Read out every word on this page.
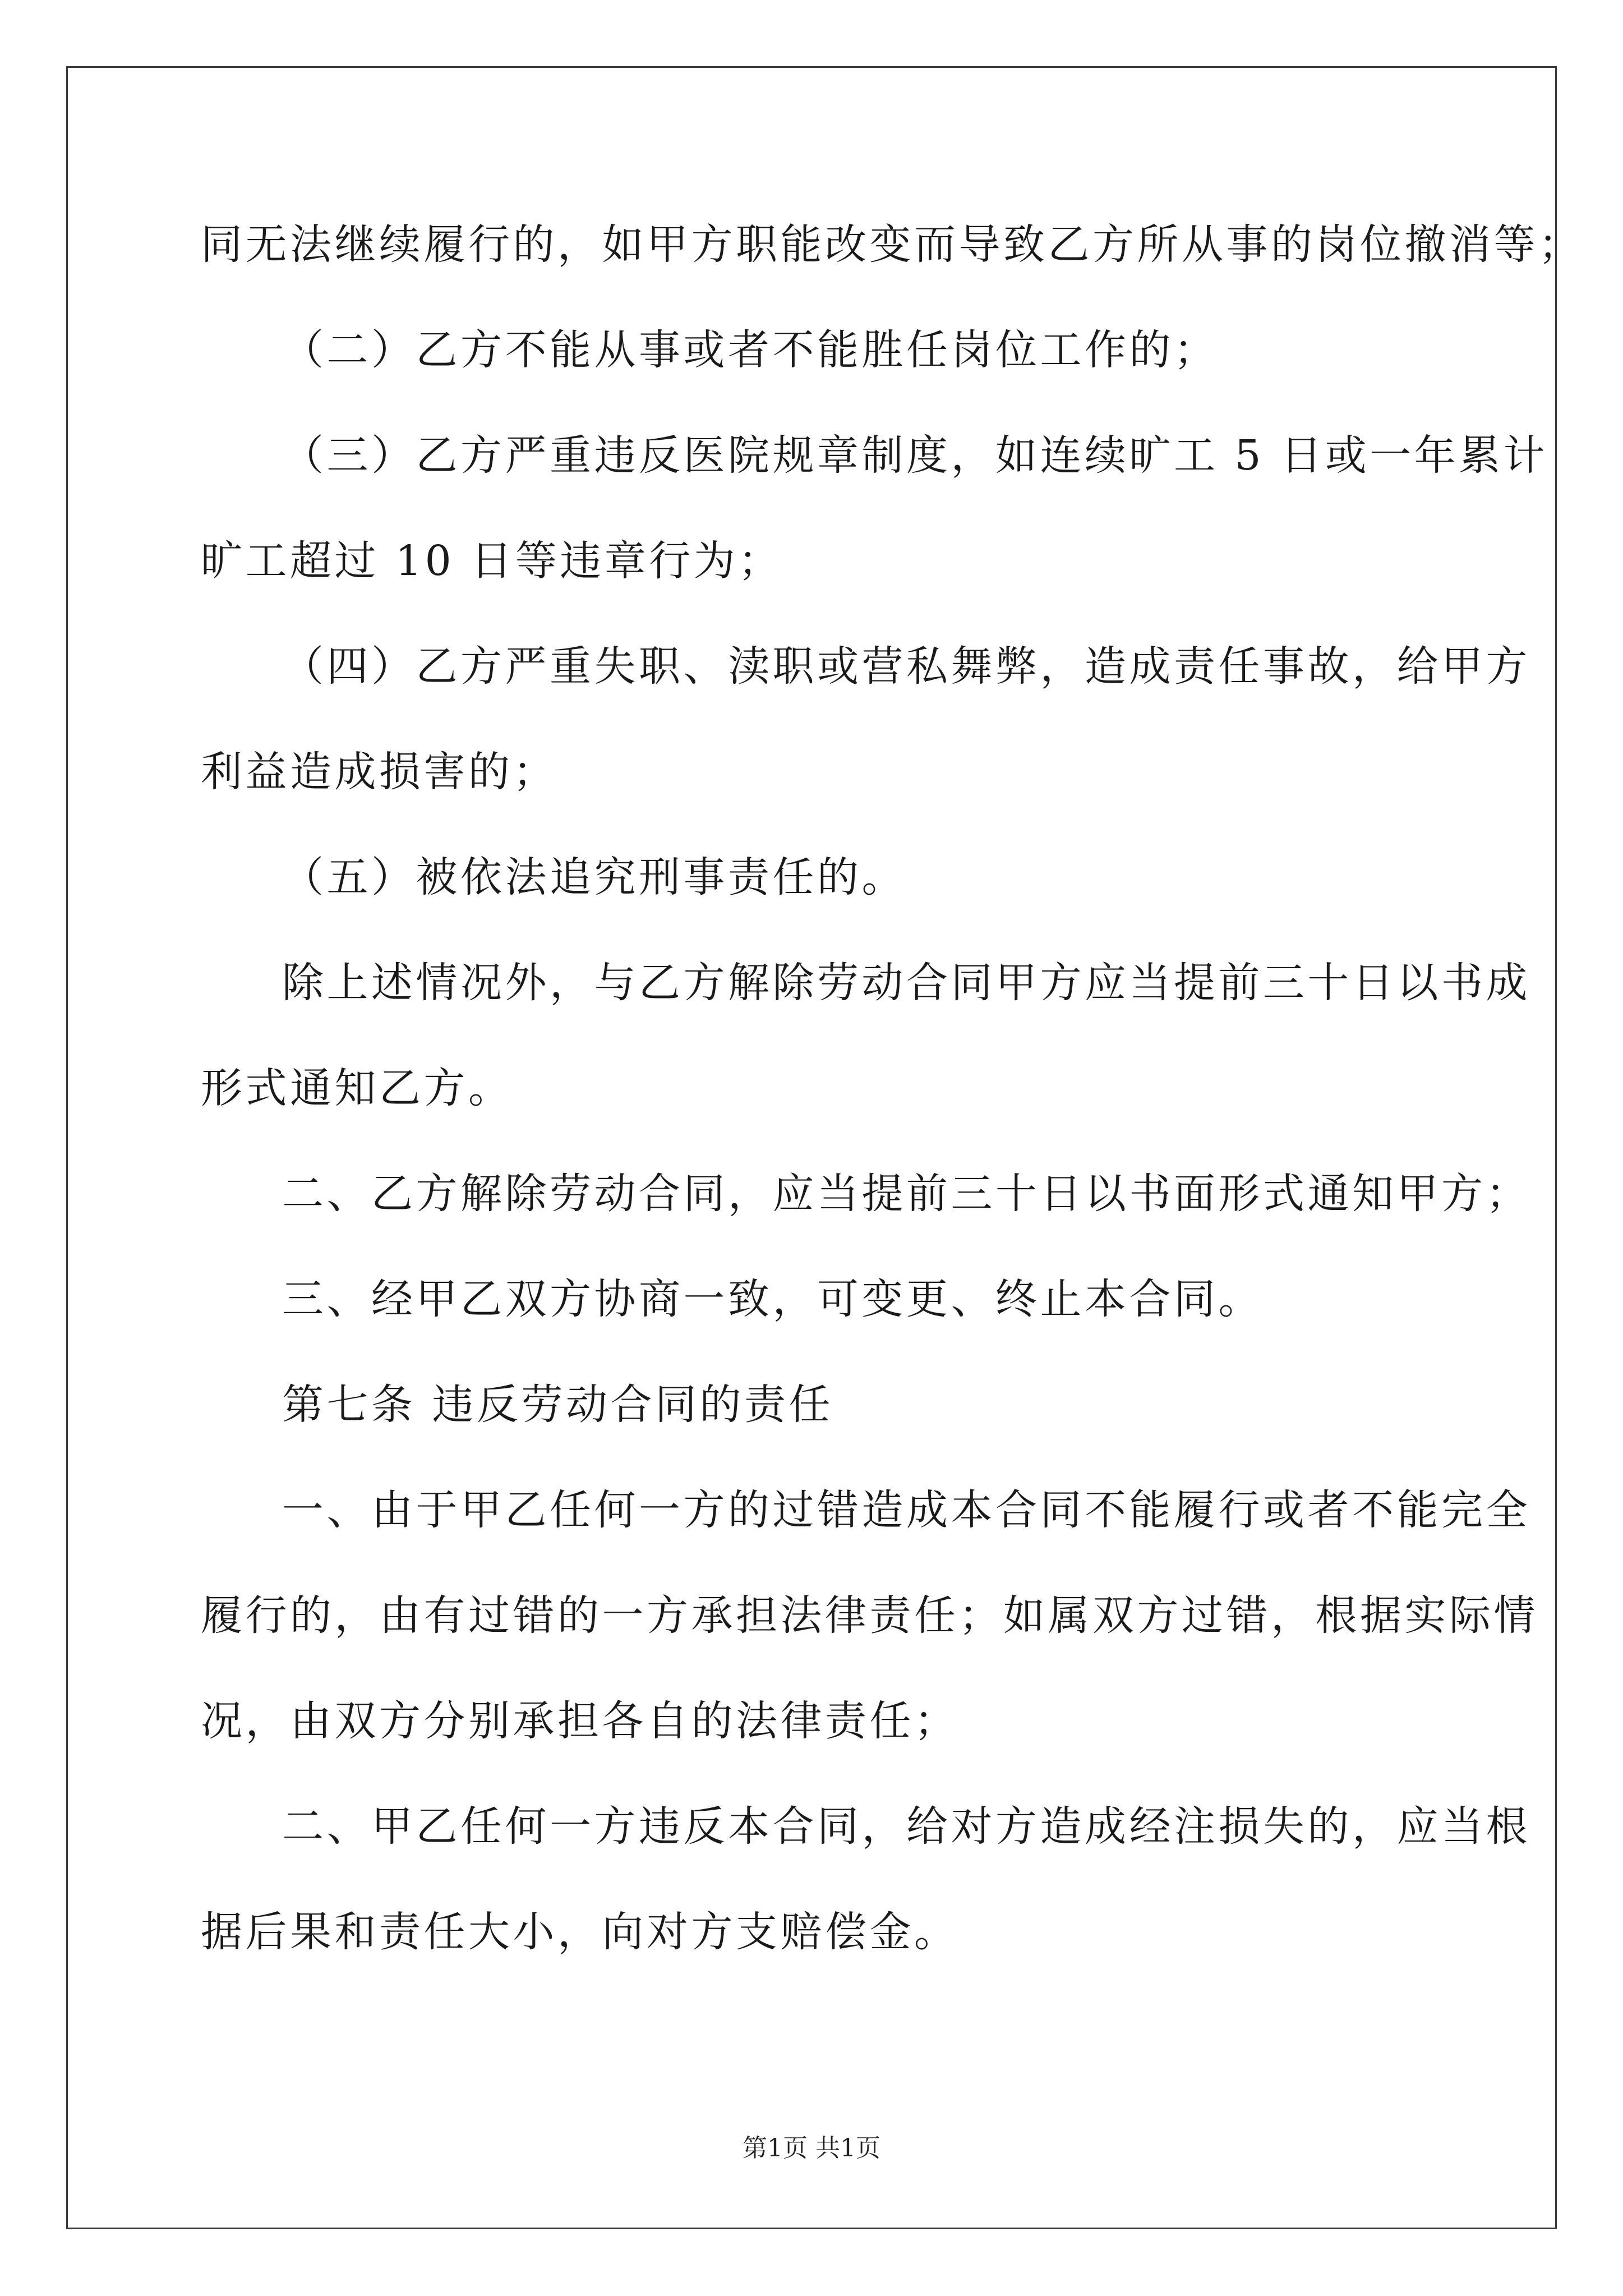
同无法继续履行的，如甲方职能改变而导致乙方所从事的岗位撤消等；
（二）乙方不能从事或者不能胜任岗位工作的；
（三）乙方严重违反医院规章制度，如连续旷工 5 日或一年累计
旷工超过 10 日等违章行为；
（四）乙方严重失职、渎职或营私舞弊，造成责任事故，给甲方
利益造成损害的；
（五）被依法追究刑事责任的。
除上述情况外，与乙方解除劳动合同甲方应当提前三十日以书成
形式通知乙方。
二、乙方解除劳动合同，应当提前三十日以书面形式通知甲方；
三、经甲乙双方协商一致，可变更、终止本合同。
第七条 违反劳动合同的责任
一、由于甲乙任何一方的过错造成本合同不能履行或者不能完全
履行的，由有过错的一方承担法律责任；如属双方过错，根据实际情
况，由双方分别承担各自的法律责任；
二、甲乙任何一方违反本合同，给对方造成经注损失的，应当根
据后果和责任大小，向对方支赔偿金。
第1页 共1页
